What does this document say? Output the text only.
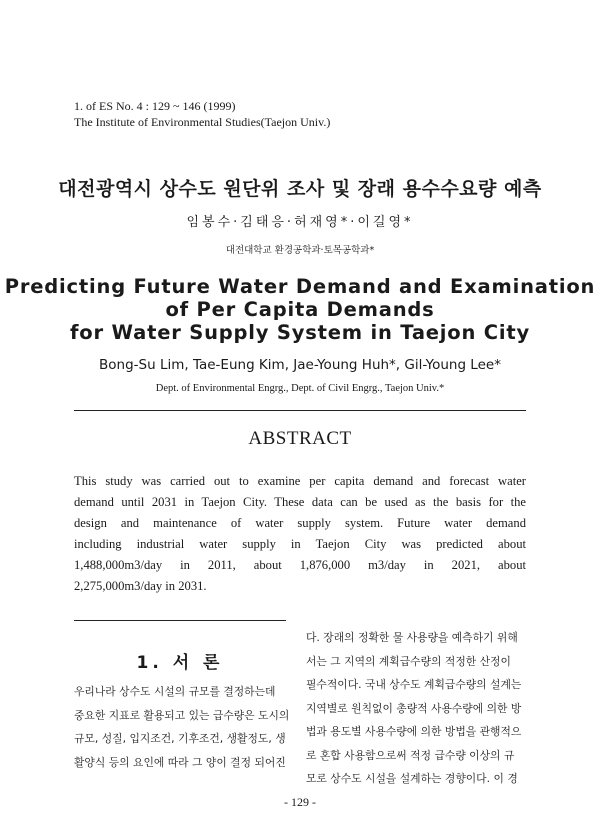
1. of ES No. 4 : 129 ~ 146 (1999)
The Institute of Environmental Studies(Taejon Univ.)
대전광역시 상수도 원단위 조사 및 장래 용수수요량 예측
임봉수·김태응·허재영*·이길영*
대전대학교 환경공학과·토목공학과*
Predicting Future Water Demand and Examination
of Per Capita Demands
for Water Supply System in Taejon City
Bong-Su Lim, Tae-Eung Kim, Jae-Young Huh*, Gil-Young Lee*
Dept. of Environmental Engrg., Dept. of Civil Engrg., Taejon Univ.*
ABSTRACT
This study was carried out to examine per capita demand and forecast water
demand until 2031 in Taejon City. These data can be used as the basis for the
design and maintenance of water supply system. Future water demand
including industrial water supply in Taejon City was predicted about
1,488,000m3/day in 2011, about 1,876,000 m3/day in 2021, about
2,275,000m3/day in 2031.
1. 서 론
우리나라 상수도 시설의 규모를 결정하는데
중요한 지표로 활용되고 있는 급수량은 도시의
규모, 성질, 입지조건, 기후조건, 생활정도, 생
활양식 등의 요인에 따라 그 양이 결정 되어진
다. 장래의 정확한 물 사용량을 예측하기 위해
서는 그 지역의 계획급수량의 적정한 산정이
필수적이다. 국내 상수도 계획급수량의 설계는
지역별로 원칙없이 총량적 사용수량에 의한 방
법과 용도별 사용수량에 의한 방법을 관행적으
로 혼합 사용함으로써 적정 급수량 이상의 규
모로 상수도 시설을 설계하는 경향이다. 이 경
- 129 -
